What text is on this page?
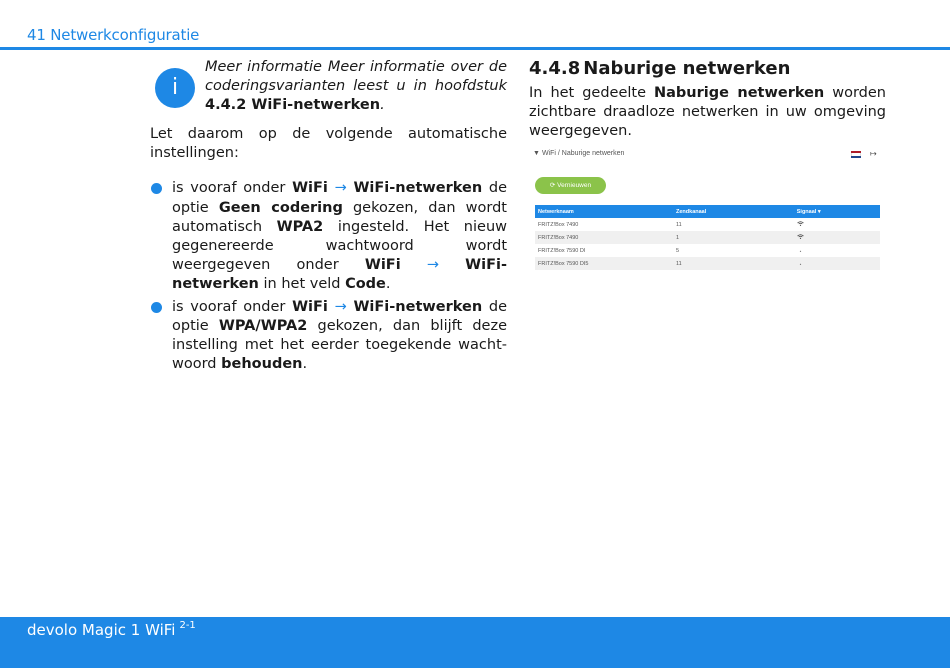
41 Netwerkconfiguratie
i
Meer informatie Meer informatie over de coderingsvarianten leest u in hoofdstuk 4.4.2 WiFi-netwerken.

Let daarom op de volgende automatische instellingen:

is vooraf onder WiFi → WiFi-netwerken de optie Geen codering gekozen, dan wordt automatisch WPA2 ingesteld. Het nieuw gegenereerde wachtwoord wordt weergegeven onder WiFi → WiFi-netwerken in het veld Code.
is vooraf onder WiFi → WiFi-netwerken de optie WPA/WPA2 gekozen, dan blijft deze instelling met het eerder toegekende wachtwoord behouden.
4.4.8 Naburige netwerken

In het gedeelte Naburige netwerken worden zichtbare draadloze netwerken in uw omgeving weergegeven.

▼ WiFi / Naburige netwerken	↦
⟳ Vernieuwen
Netwerknaam	Zendkanaal	Signaal ▾
FRITZ!Box 7490	11	
FRITZ!Box 7490	1	
FRITZ!Box 7590 DI	5	
FRITZ!Box 7590 DI5	11	
devolo Magic 1 WiFi $^{2-1}$
